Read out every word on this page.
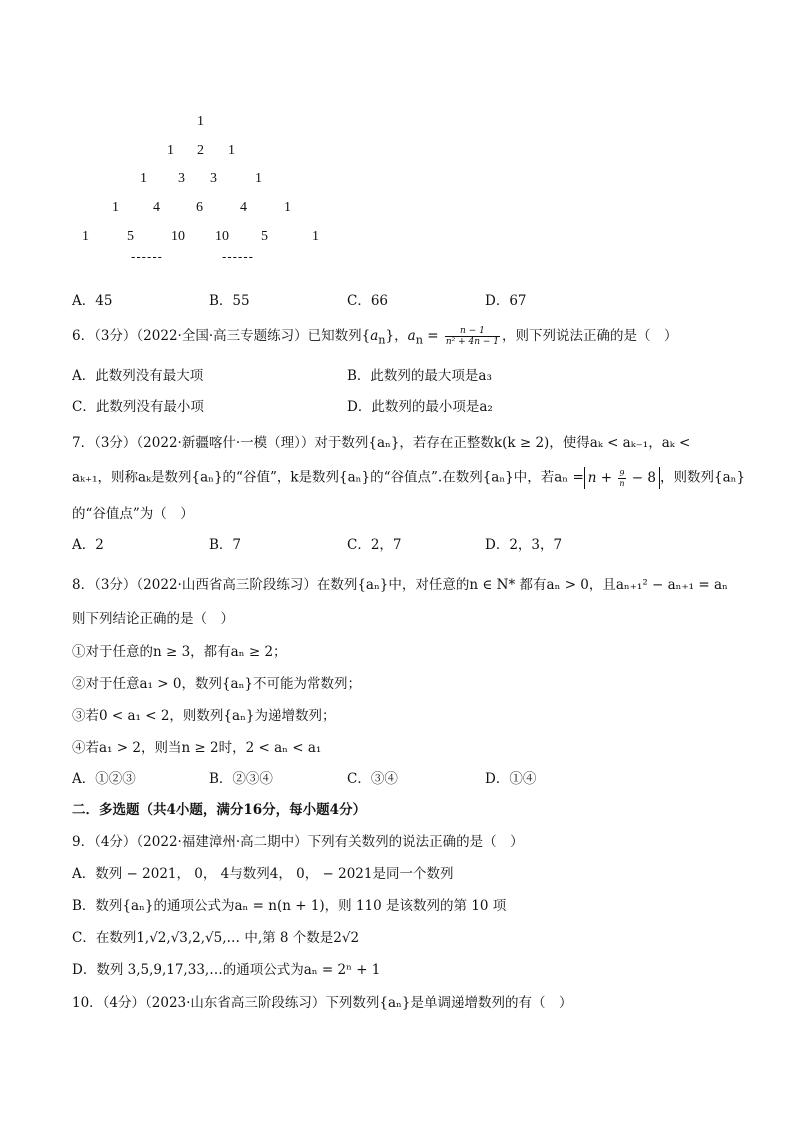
1
1 2 1
1 3 3	1
1 4	6	4	1
1	5	10 10 5	1
------	------
A．45	B．55	C．66	D．67
6．（3分）（2022·全国·高三专题练习）已知数列$\{a_n\}$，$a_n = \frac{n - 1}{\text{n² + 4n − 1}}$ ，则下列说法正确的是（　）
A．此数列没有最大项	B．此数列的最大项是a₃
C．此数列没有最小项	D．此数列的最小项是a₂
7．（3分）（2022·新疆喀什·一模（理））对于数列{aₙ}，若存在正整数k(k ≥ 2)，使得aₖ < aₖ₋₁，aₖ <
aₖ₊₁，则称aₖ是数列{aₙ}的“谷值”，k是数列{aₙ}的“谷值点”.在数列{aₙ}中，若$a_n = n + \frac{9}{n} - 8$ ，则数列{aₙ}
的“谷值点”为（　）
A．2	B．7	C．2，7	D．2，3，7
8．（3分）（2022·山西省高三阶段练习）在数列{aₙ}中，对任意的n ∈ N* 都有aₙ > 0，且aₙ₊₁² − aₙ₊₁ = aₙ
则下列结论正确的是（　）
①对于任意的n ≥ 3，都有aₙ ≥ 2；
②对于任意a₁ > 0，数列{aₙ}不可能为常数列；
③若0 < a₁ < 2，则数列{aₙ}为递增数列；
④若a₁ > 2，则当n ≥ 2时，2 < aₙ < a₁
A．①②③	B．②③④	C．③④	D．①④
二．多选题（共4小题，满分16分，每小题4分）
9．（4分）（2022·福建漳州·高二期中）下列有关数列的说法正确的是（　）
A．数列 − 2021， 0， 4与数列4， 0， − 2021是同一个数列
B．数列{aₙ}的通项公式为aₙ = n(n + 1)，则 110 是该数列的第 10 项
C．在数列1,√2,√3,2,√5,… 中,第 8 个数是2√2
D．数列 3,5,9,17,33,…的通项公式为aₙ = 2ⁿ + 1
10．（4分）（2023·山东省高三阶段练习）下列数列{aₙ}是单调递增数列的有（　）
